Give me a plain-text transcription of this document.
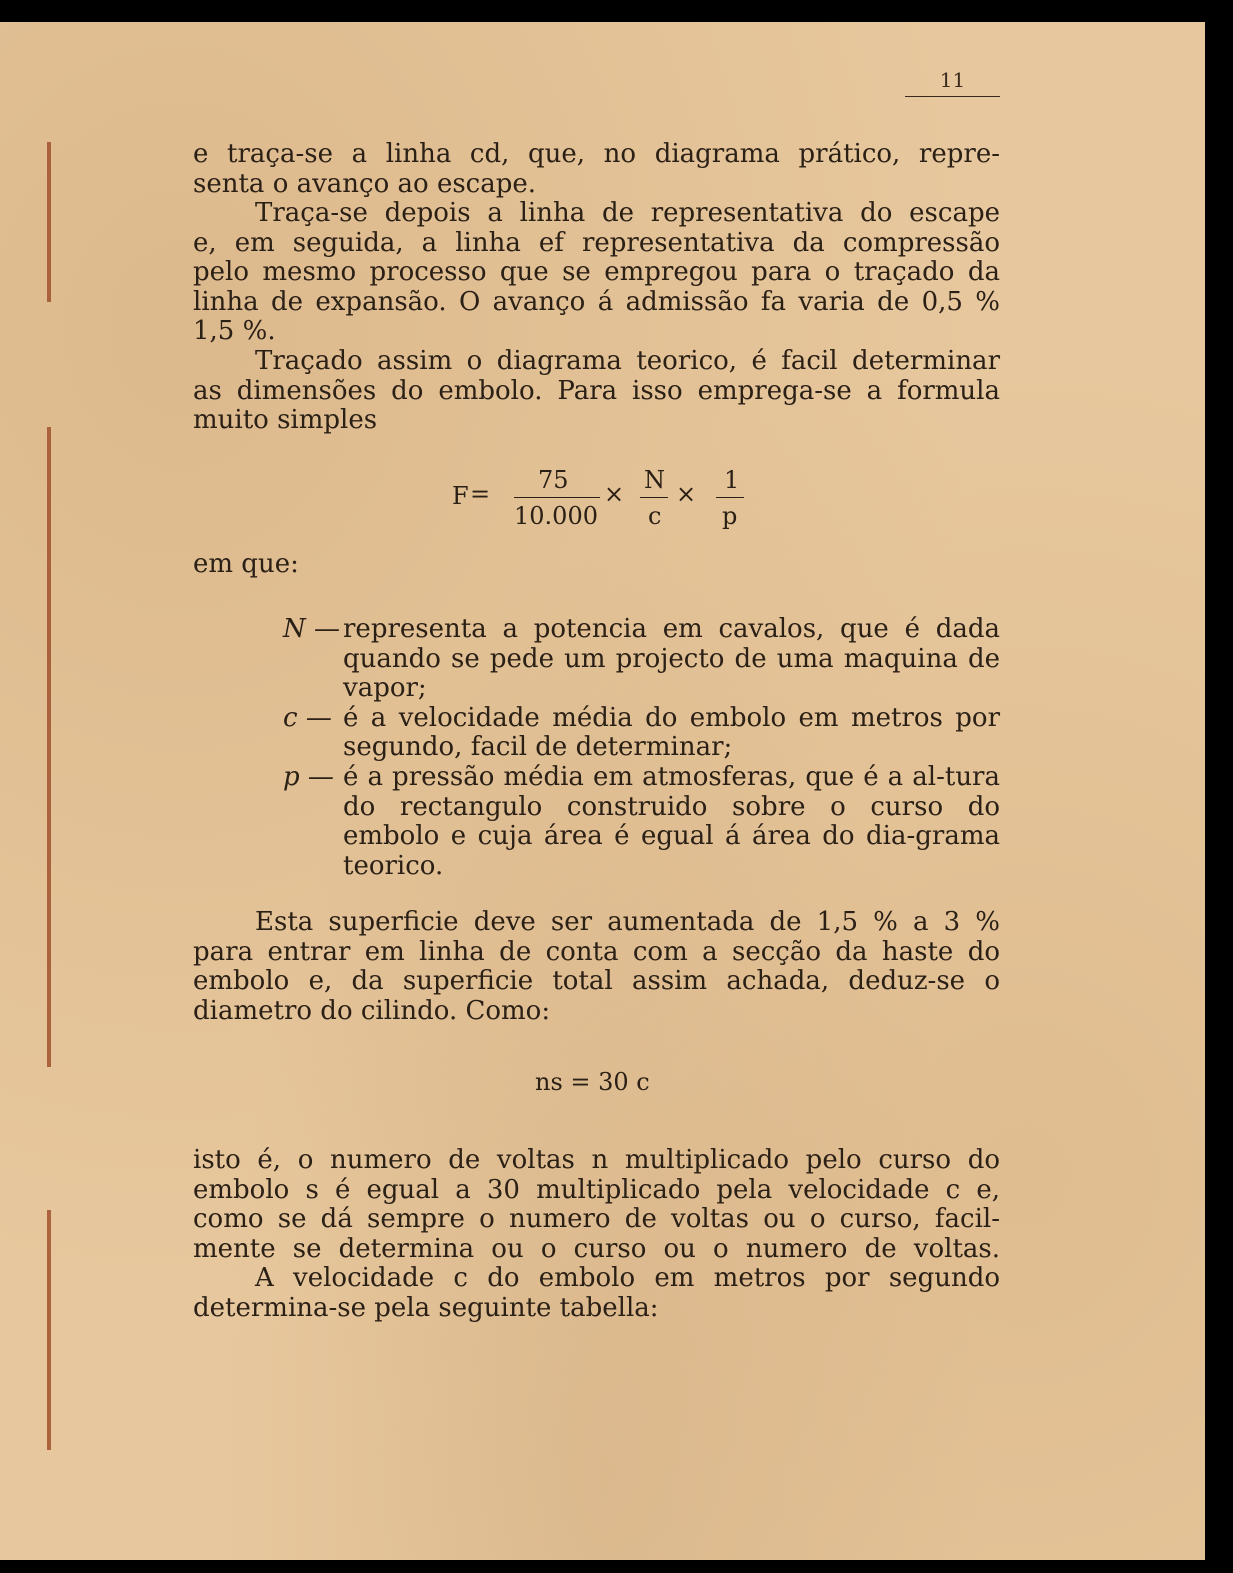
11
e traça-se a linha cd, que, no diagrama prático, repre-
senta o avanço ao escape.
Traça-se depois a linha de representativa do escape
e, em seguida, a linha ef representativa da compressão
pelo mesmo processo que se empregou para o traçado da
linha de expansão. O avanço á admissão fa varia de 0,5 %
1,5 %.
Traçado assim o diagrama teorico, é facil determinar
as dimensões do embolo. Para isso emprega-se a formula
muito simples
F = 75
10.000
× N
c
× 1
p
em que:

N — representa a potencia em cavalos, que é dada quando se pede um projecto de uma maquina de vapor;

c — é a velocidade média do embolo em metros por segundo, facil de determinar;

p — é a pressão média em atmosferas, que é a al-tura do rectangulo construido sobre o curso do embolo e cuja área é egual á área do dia-grama teorico.

Esta superficie deve ser aumentada de 1,5 % a 3 %
para entrar em linha de conta com a secção da haste do
embolo e, da superficie total assim achada, deduz-se o
diametro do cilindo. Como:
ns = 30 c
isto é, o numero de voltas n multiplicado pelo curso do
embolo s é egual a 30 multiplicado pela velocidade c e,
como se dá sempre o numero de voltas ou o curso, facil-
mente se determina ou o curso ou o numero de voltas.
A velocidade c do embolo em metros por segundo
determina-se pela seguinte tabella:
